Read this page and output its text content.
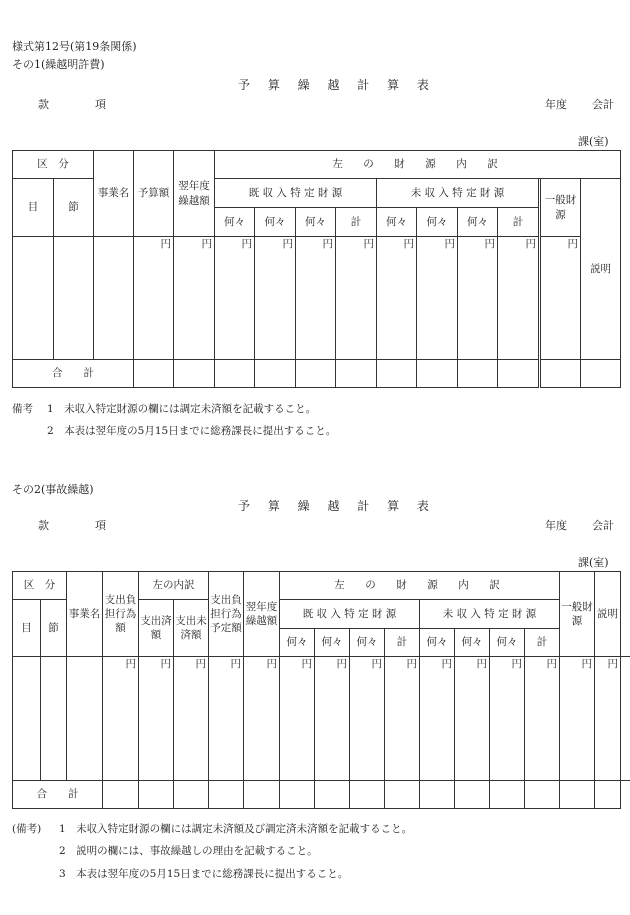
様式第12号(第19条関係)
その1(繰越明許費)
予 算 繰 越 計 算 表
款	項	年度 会計
課(室)
区　分		事業名	予算額	翌年度繰越額	左　の　財　源　内　訳											
目	節				既 収 入 特 定 財 源				未 収 入 特 定 財 源					一般財源	説明	
					何々	何々	何々	計	何々	何々	何々	計				
			円	円	円	円	円	円	円	円	円	円		円		
合　　計																
備考 1　未収入特定財源の欄には調定未済額を記載すること。
2　本表は翌年度の5月15日までに総務課長に提出すること。
その2(事故繰越)
予 算 繰 越 計 算 表
款	項	年度 会計
課(室)
区　分		事業名	支出負担行為額	左の内訳		支出負担行為予定額	翌年度繰越額	左　の　財　源　内　訳								一般財源	説明	
目	節			支出済額	支出未済額			既 収 入 特 定 財 源				未 収 入 特 定 財 源						
								何々	何々	何々	計	何々	何々	何々	計			
			円	円	円	円	円	円	円	円	円	円	円	円	円	円	円	
合　　計																		
(備考) 1　未収入特定財源の欄には調定未済額及び調定済未済額を記載すること。
2　説明の欄には、事故繰越しの理由を記載すること。
3　本表は翌年度の5月15日までに総務課長に提出すること。
